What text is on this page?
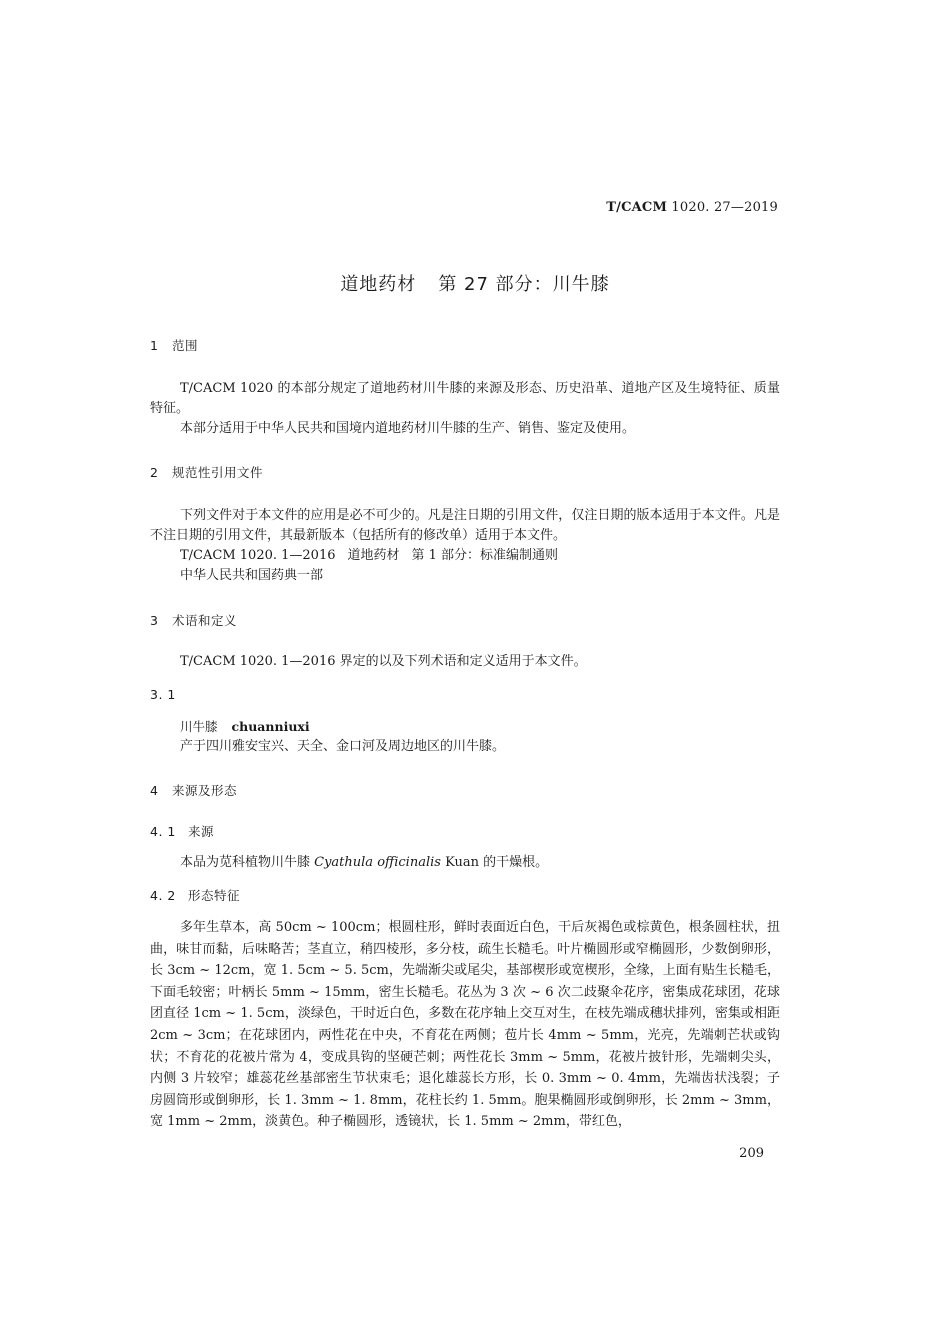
T/CACM 1020. 27—2019
道地药材 第 27 部分：川牛膝
1 范围

T/CACM 1020 的本部分规定了道地药材川牛膝的来源及形态、历史沿革、道地产区及生境特征、质量特征。

本部分适用于中华人民共和国境内道地药材川牛膝的生产、销售、鉴定及使用。

2 规范性引用文件

下列文件对于本文件的应用是必不可少的。凡是注日期的引用文件，仅注日期的版本适用于本文件。凡是不注日期的引用文件，其最新版本（包括所有的修改单）适用于本文件。

T/CACM 1020. 1—2016 道地药材 第 1 部分：标准编制通则

中华人民共和国药典一部

3 术语和定义

T/CACM 1020. 1—2016 界定的以及下列术语和定义适用于本文件。

3. 1

川牛膝 chuanniuxi

产于四川雅安宝兴、天全、金口河及周边地区的川牛膝。

4 来源及形态
4. 1 来源

本品为苋科植物川牛膝 Cyathula officinalis Kuan 的干燥根。

4. 2 形态特征

多年生草本，高 50cm ~ 100cm；根圆柱形，鲜时表面近白色，干后灰褐色或棕黄色，根条圆柱状，扭曲，味甘而黏，后味略苦；茎直立，稍四棱形，多分枝，疏生长糙毛。叶片椭圆形或窄椭圆形，少数倒卵形，长 3cm ~ 12cm，宽 1. 5cm ~ 5. 5cm，先端渐尖或尾尖，基部楔形或宽楔形，全缘，上面有贴生长糙毛，下面毛较密；叶柄长 5mm ~ 15mm，密生长糙毛。花丛为 3 次 ~ 6 次二歧聚伞花序，密集成花球团，花球团直径 1cm ~ 1. 5cm，淡绿色，干时近白色，多数在花序轴上交互对生，在枝先端成穗状排列，密集或相距 2cm ~ 3cm；在花球团内，两性花在中央，不育花在两侧；苞片长 4mm ~ 5mm，光亮，先端刺芒状或钩状；不育花的花被片常为 4，变成具钩的坚硬芒刺；两性花长 3mm ~ 5mm，花被片披针形，先端刺尖头，内侧 3 片较窄；雄蕊花丝基部密生节状束毛；退化雄蕊长方形，长 0. 3mm ~ 0. 4mm，先端齿状浅裂；子房圆筒形或倒卵形，长 1. 3mm ~ 1. 8mm，花柱长约 1. 5mm。胞果椭圆形或倒卵形，长 2mm ~ 3mm，宽 1mm ~ 2mm，淡黄色。种子椭圆形，透镜状，长 1. 5mm ~ 2mm，带红色，

209
